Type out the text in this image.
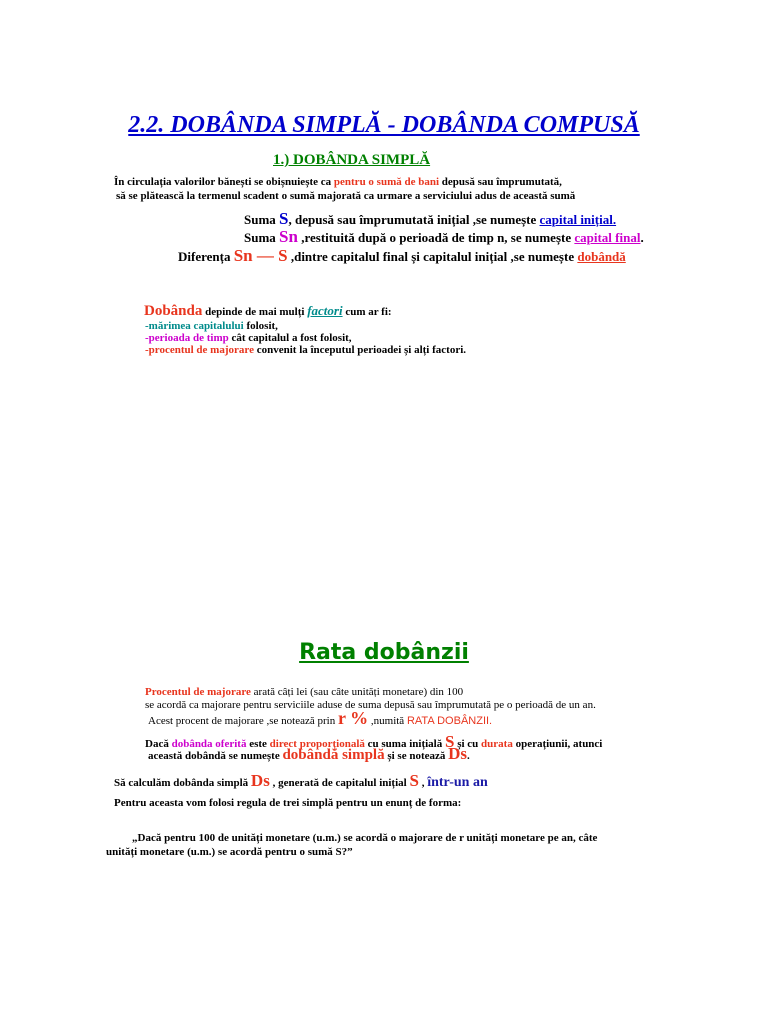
2.2. DOBÂNDA SIMPLĂ - DOBÂNDA COMPUSĂ
1.) DOBÂNDA SIMPLĂ
În circulația valorilor bănești se obișnuiește ca pentru o sumă de bani depusă sau împrumutată,
să se plătească la termenul scadent o sumă majorată ca urmare a serviciului adus de această sumă
Suma S, depusă sau împrumutată inițial ,se numește capital inițial.
Suma Sn ,restituită după o perioadă de timp n, se numește capital final.
Diferența Sn — S ,dintre capitalul final și capitalul inițial ,se numește dobândă
Dobânda depinde de mai mulți factori cum ar fi:
-mărimea capitalului folosit,
-perioada de timp cât capitalul a fost folosit,
-procentul de majorare convenit la începutul perioadei și alți factori.
Rata dobânzii
Procentul de majorare arată câți lei (sau câte unități monetare) din 100
se acordă ca majorare pentru serviciile aduse de suma depusă sau împrumutată pe o perioadă de un an.
Acest procent de majorare ,se notează prin r % ,numită RATA DOBÂNZII.
Dacă dobânda oferită este direct proporțională cu suma inițială S și cu durata operațiunii, atunci
această dobândă se numește dobândă simplă și se notează Ds.
Să calculăm dobânda simplă Ds , generată de capitalul inițial S , într-un an
Pentru aceasta vom folosi regula de trei simplă pentru un enunț de forma:
„Dacă pentru 100 de unități monetare (u.m.) se acordă o majorare de r unități monetare pe an, câte
unități monetare (u.m.) se acordă pentru o sumă S?”
